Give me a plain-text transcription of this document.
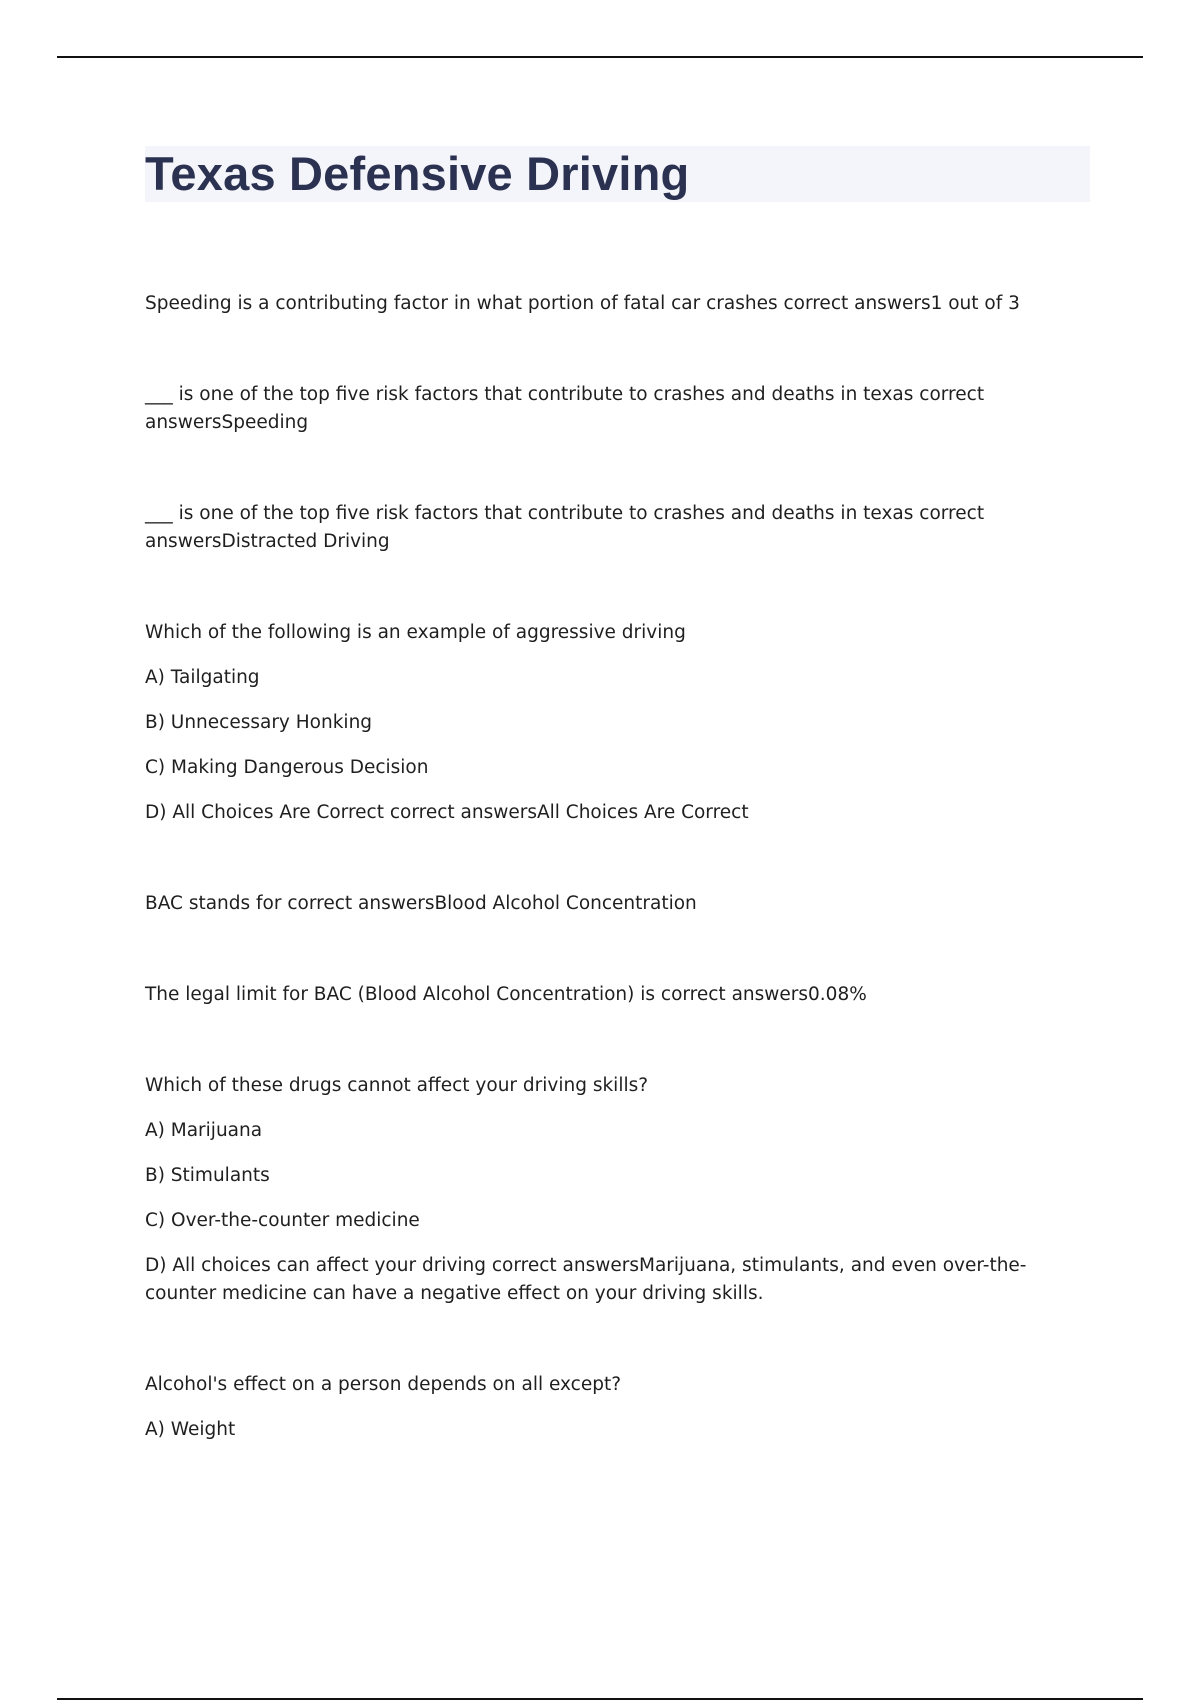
Texas Defensive Driving

Speeding is a contributing factor in what portion of fatal car crashes correct answers1 out of 3

___ is one of the top five risk factors that contribute to crashes and deaths in texas correct answersSpeeding

___ is one of the top five risk factors that contribute to crashes and deaths in texas correct answersDistracted Driving

Which of the following is an example of aggressive driving

A) Tailgating

B) Unnecessary Honking

C) Making Dangerous Decision

D) All Choices Are Correct correct answersAll Choices Are Correct

BAC stands for correct answersBlood Alcohol Concentration

The legal limit for BAC (Blood Alcohol Concentration) is correct answers0.08%

Which of these drugs cannot affect your driving skills?

A) Marijuana

B) Stimulants

C) Over-the-counter medicine

D) All choices can affect your driving correct answersMarijuana, stimulants, and even over-the-counter medicine can have a negative effect on your driving skills.

Alcohol's effect on a person depends on all except?

A) Weight
